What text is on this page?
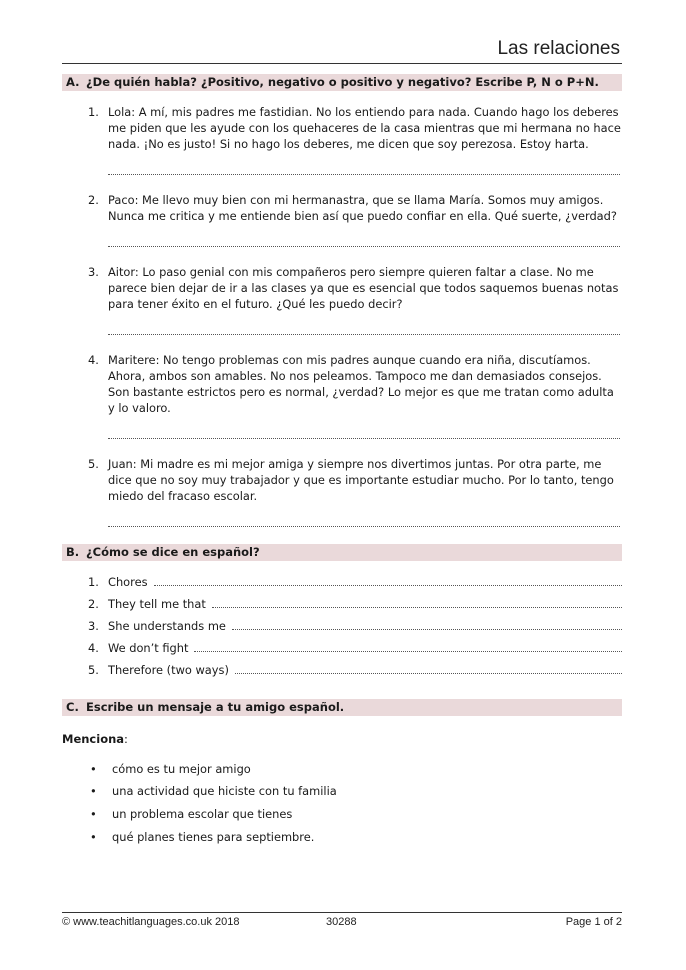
Las relaciones
A. ¿De quién habla? ¿Positivo, negativo o positivo y negativo? Escribe P, N o P+N.
1. Lola: A mí, mis padres me fastidian. No los entiendo para nada. Cuando hago los deberes me piden que les ayude con los quehaceres de la casa mientras que mi hermana no hace nada. ¡No es justo! Si no hago los deberes, me dicen que soy perezosa. Estoy harta.
2. Paco: Me llevo muy bien con mi hermanastra, que se llama María. Somos muy amigos. Nunca me critica y me entiende bien así que puedo confiar en ella. Qué suerte, ¿verdad?
3. Aitor: Lo paso genial con mis compañeros pero siempre quieren faltar a clase. No me parece bien dejar de ir a las clases ya que es esencial que todos saquemos buenas notas para tener éxito en el futuro. ¿Qué les puedo decir?
4. Maritere: No tengo problemas con mis padres aunque cuando era niña, discutíamos. Ahora, ambos son amables. No nos peleamos. Tampoco me dan demasiados consejos. Son bastante estrictos pero es normal, ¿verdad? Lo mejor es que me tratan como adulta y lo valoro.
5. Juan: Mi madre es mi mejor amiga y siempre nos divertimos juntas. Por otra parte, me dice que no soy muy trabajador y que es importante estudiar mucho. Por lo tanto, tengo miedo del fracaso escolar.
B. ¿Cómo se dice en español?
1. Chores
2. They tell me that
3. She understands me
4. We don’t fight
5. Therefore (two ways)
C. Escribe un mensaje a tu amigo español.
Menciona:
• cómo es tu mejor amigo
• una actividad que hiciste con tu familia
• un problema escolar que tienes
• qué planes tienes para septiembre.
© www.teachitlanguages.co.uk 2018	30288	Page 1 of 2
